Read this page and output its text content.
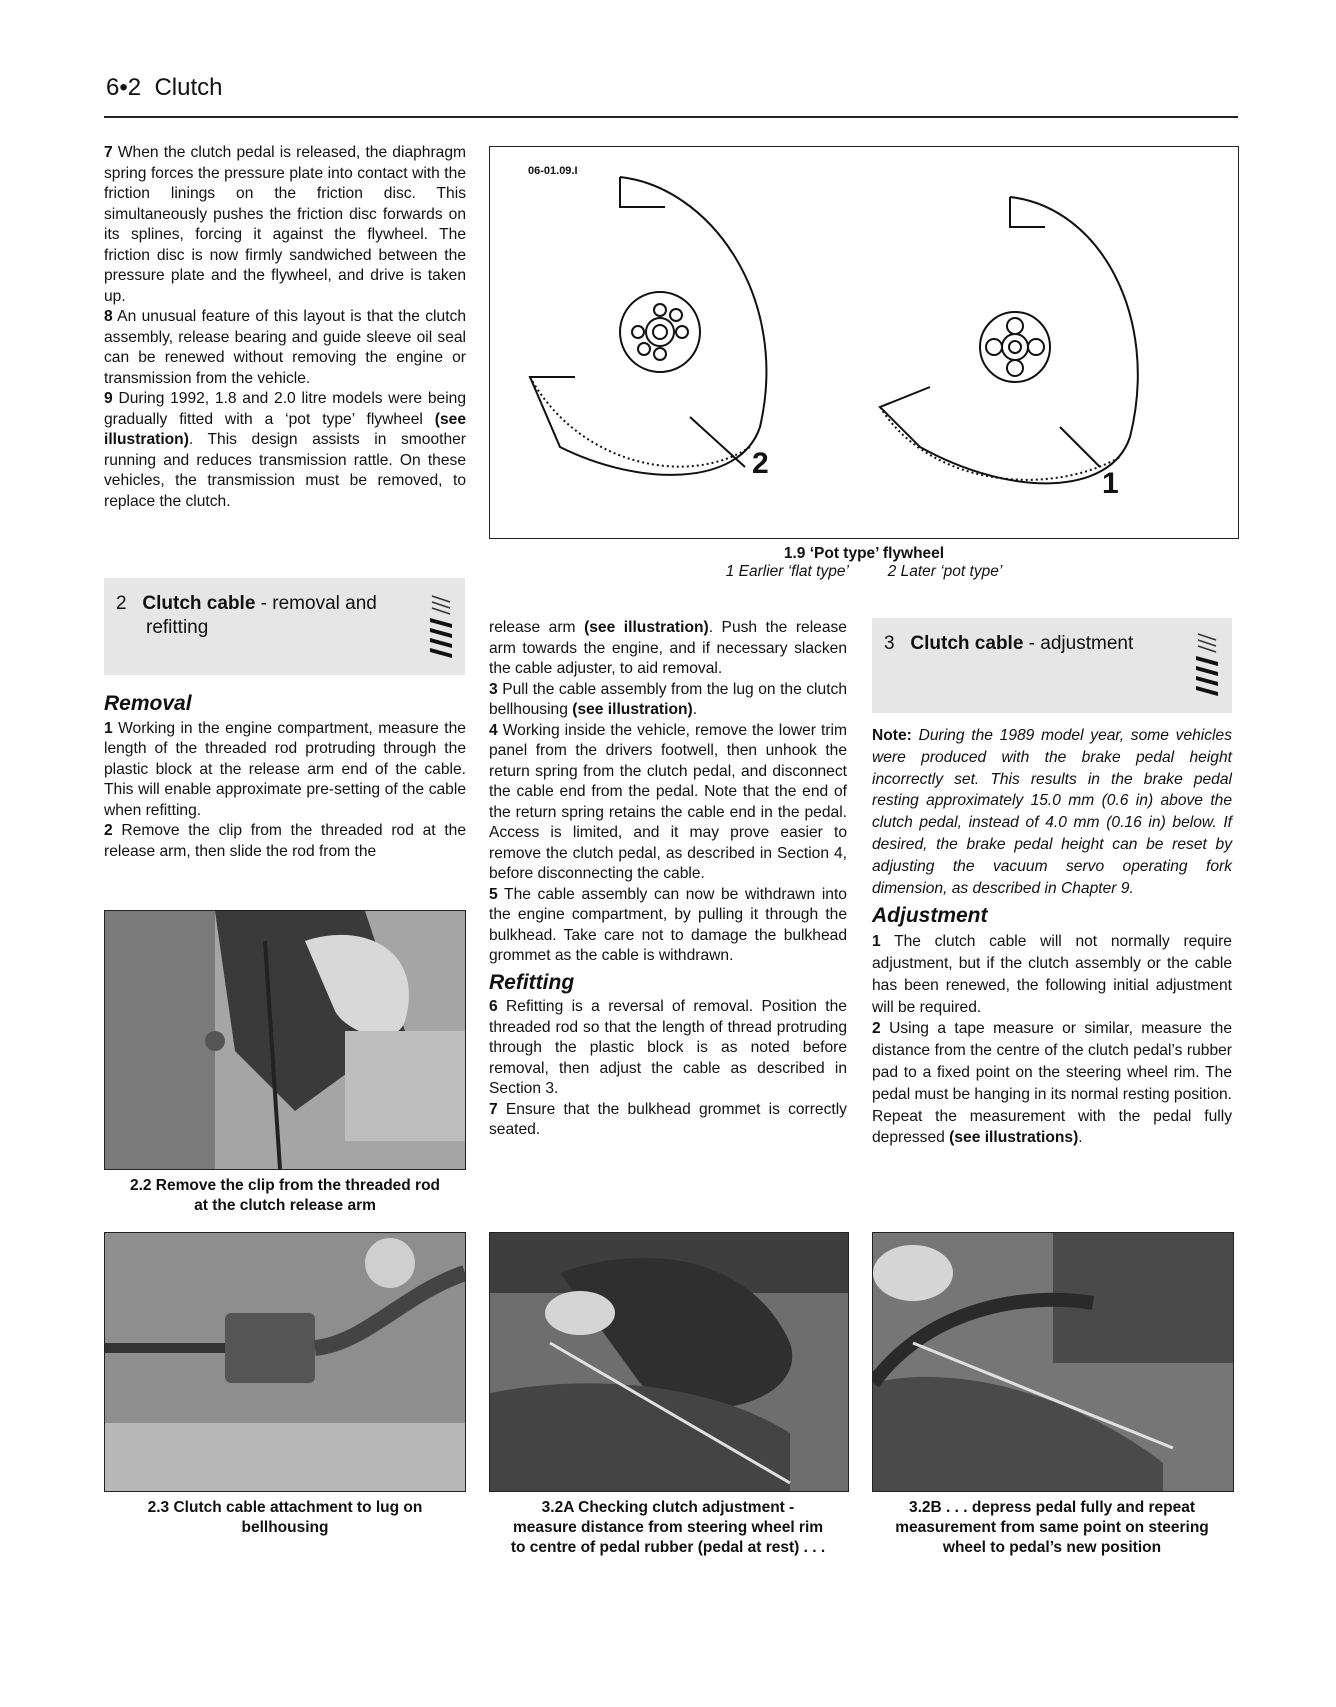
6•2 Clutch

7 When the clutch pedal is released, the diaphragm spring forces the pressure plate into contact with the friction linings on the friction disc. This simultaneously pushes the friction disc forwards on its splines, forcing it against the flywheel. The friction disc is now firmly sandwiched between the pressure plate and the flywheel, and drive is taken up.

8 An unusual feature of this layout is that the clutch assembly, release bearing and guide sleeve oil seal can be renewed without removing the engine or transmission from the vehicle.

9 During 1992, 1.8 and 2.0 litre models were being gradually fitted with a ‘pot type’ flywheel (see illustration). This design assists in smoother running and reduces transmission rattle. On these vehicles, the transmission must be removed, to replace the clutch.

06-01.09.I
2
1
1.9 ‘Pot type’ flywheel
1 Earlier ‘flat type’	2 Later ‘pot type’
2 Clutch cable - removal and
refitting
Removal

1 Working in the engine compartment, measure the length of the threaded rod protruding through the plastic block at the release arm end of the cable. This will enable approximate pre-setting of the cable when refitting.

2 Remove the clip from the threaded rod at the release arm, then slide the rod from the

2.2 Remove the clip from the threaded rod
at the clutch release arm

release arm (see illustration). Push the release arm towards the engine, and if necessary slacken the cable adjuster, to aid removal.

3 Pull the cable assembly from the lug on the clutch bellhousing (see illustration).

4 Working inside the vehicle, remove the lower trim panel from the drivers footwell, then unhook the return spring from the clutch pedal, and disconnect the cable end from the pedal. Note that the end of the return spring retains the cable end in the pedal. Access is limited, and it may prove easier to remove the clutch pedal, as described in Section 4, before disconnecting the cable.

5 The cable assembly can now be withdrawn into the engine compartment, by pulling it through the bulkhead. Take care not to damage the bulkhead grommet as the cable is withdrawn.

Refitting

6 Refitting is a reversal of removal. Position the threaded rod so that the length of thread protruding through the plastic block is as noted before removal, then adjust the cable as described in Section 3.

7 Ensure that the bulkhead grommet is correctly seated.

3 Clutch cable - adjustment

Note: During the 1989 model year, some vehicles were produced with the brake pedal height incorrectly set. This results in the brake pedal resting approximately 15.0 mm (0.6 in) above the clutch pedal, instead of 4.0 mm (0.16 in) below. If desired, the brake pedal height can be reset by adjusting the vacuum servo operating fork dimension, as described in Chapter 9.

Adjustment

1 The clutch cable will not normally require adjustment, but if the clutch assembly or the cable has been renewed, the following initial adjustment will be required.

2 Using a tape measure or similar, measure the distance from the centre of the clutch pedal’s rubber pad to a fixed point on the steering wheel rim. The pedal must be hanging in its normal resting position. Repeat the measurement with the pedal fully depressed (see illustrations).

2.3 Clutch cable attachment to lug on
bellhousing
3.2A Checking clutch adjustment -
measure distance from steering wheel rim
to centre of pedal rubber (pedal at rest) . . .
3.2B . . . depress pedal fully and repeat
measurement from same point on steering
wheel to pedal’s new position
